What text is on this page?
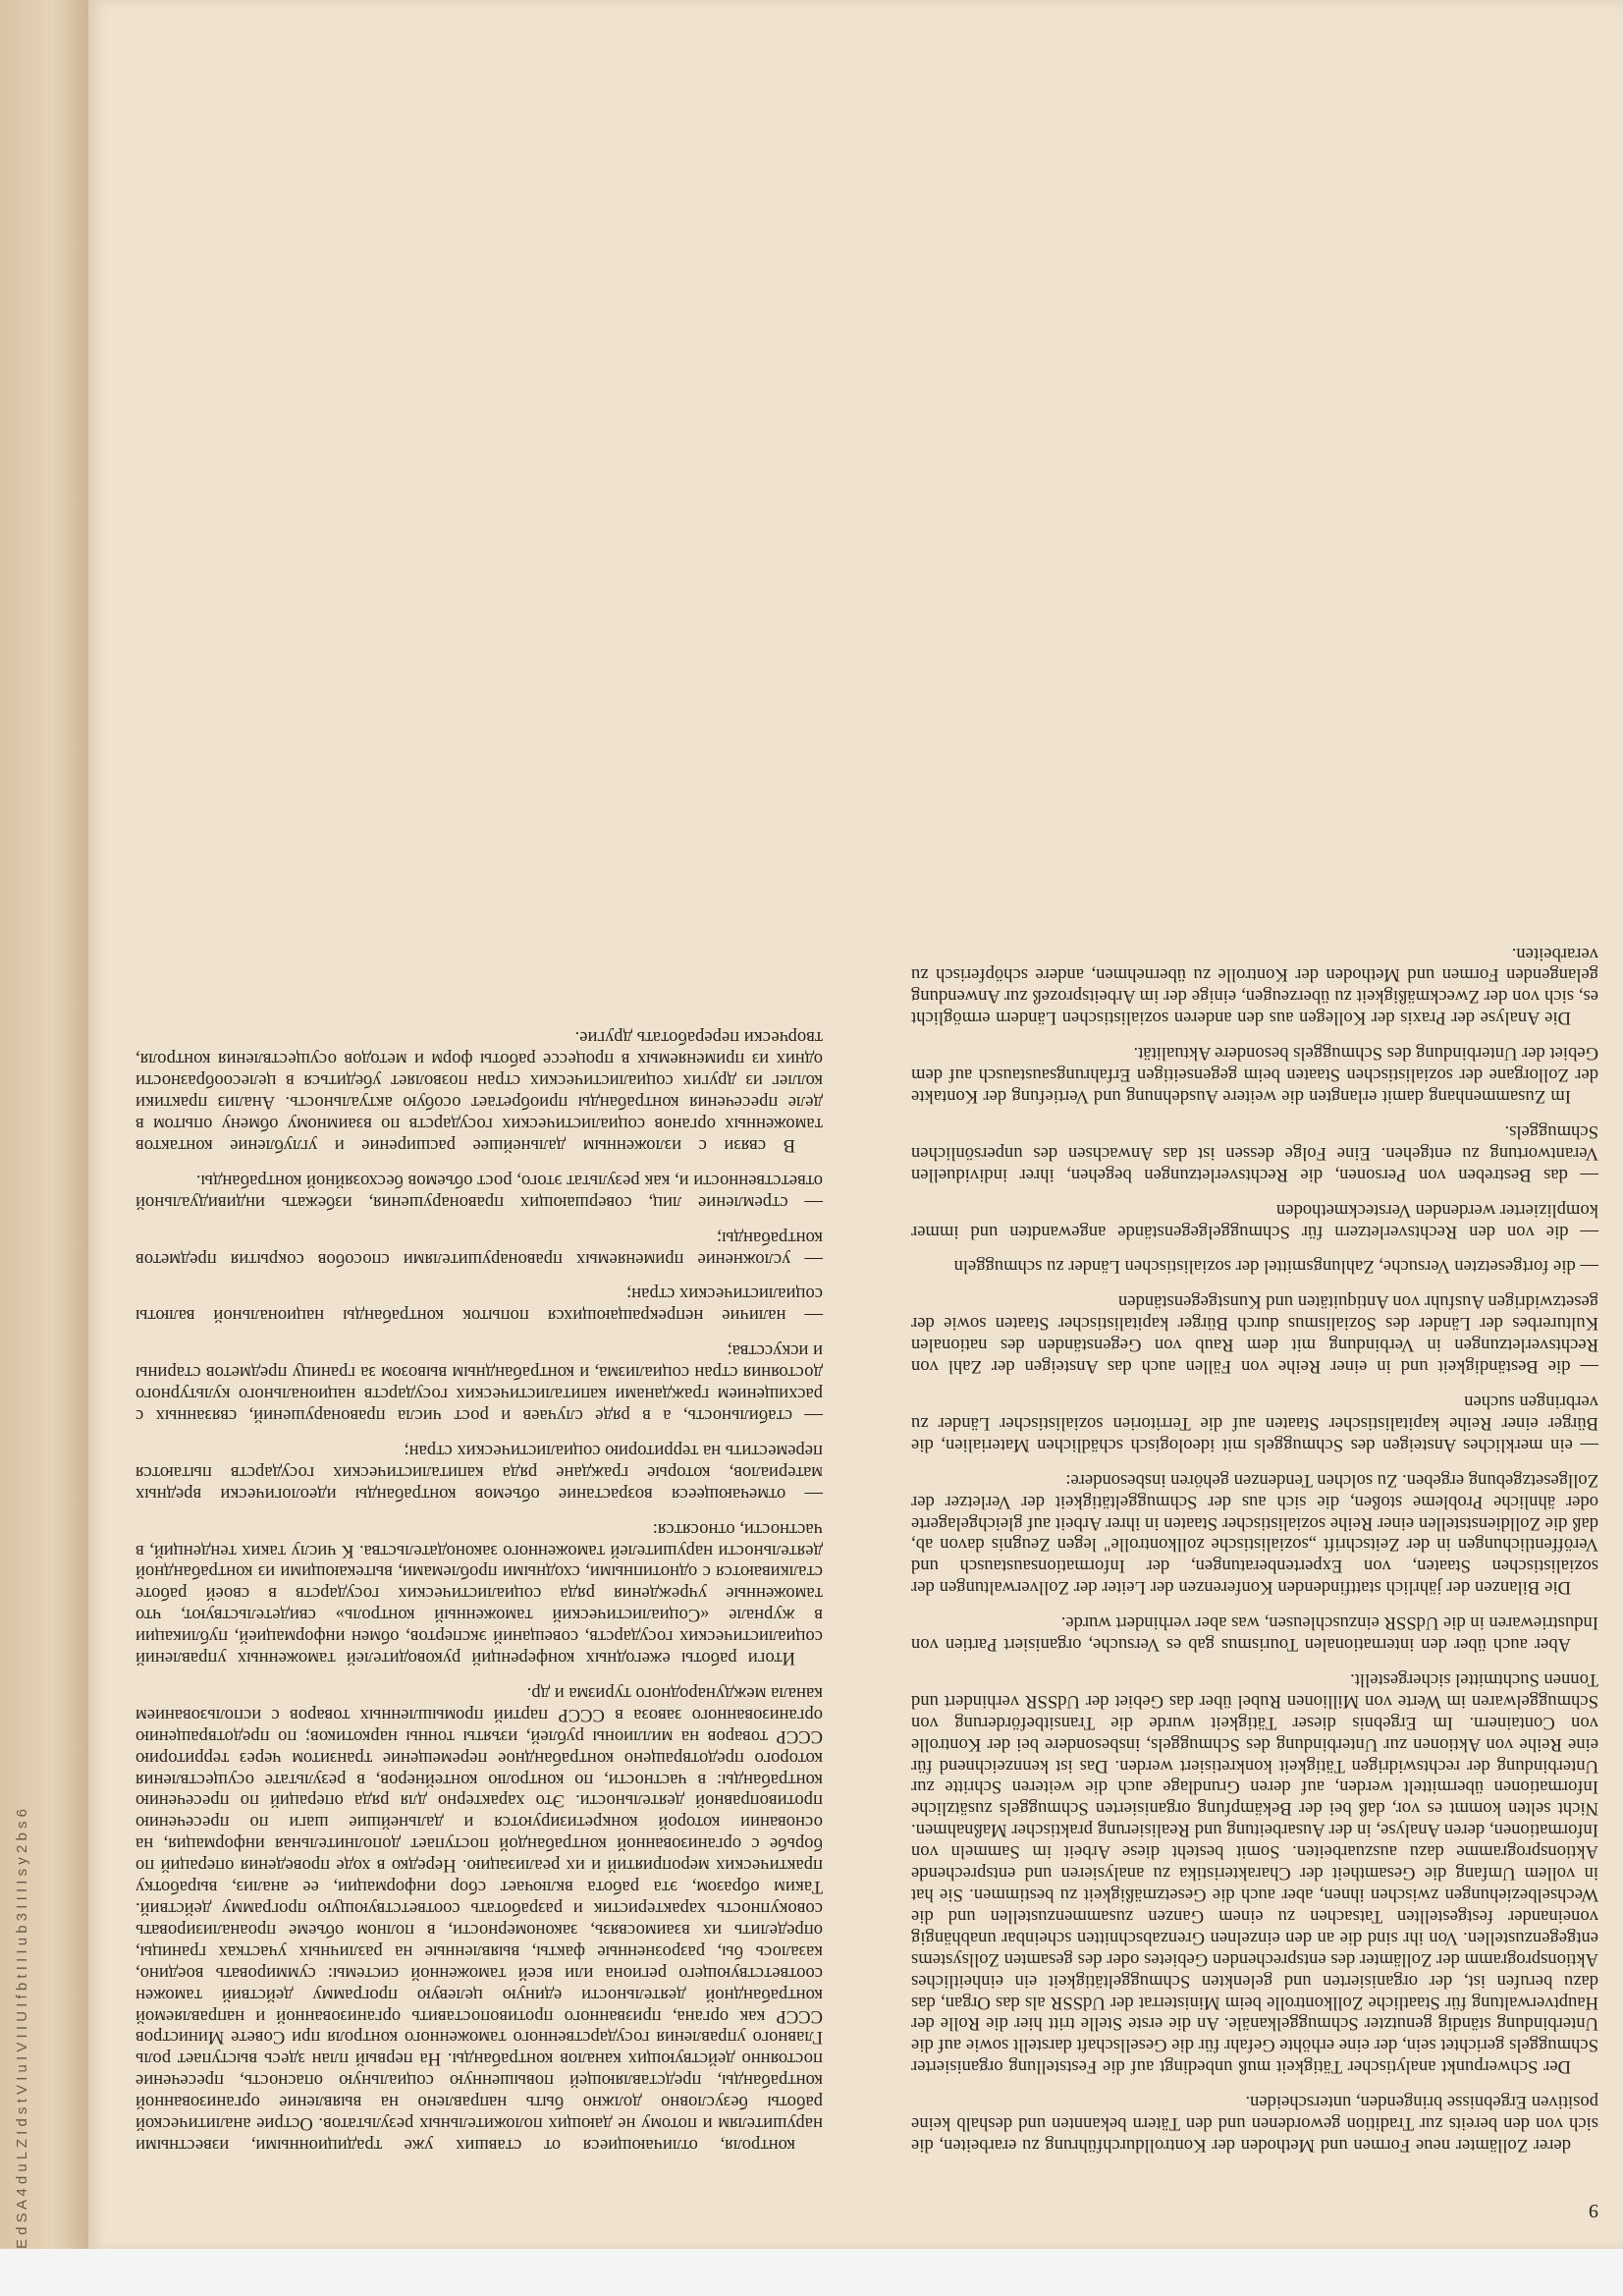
E d S A 4 d u L Z I d s t V I u I V I I U I f b t I I I u b 3 I I I I s y 2 b s 6	9

derer Zollämter neue Formen und Methoden der Kontrolldurchführung zu erarbeiten, die sich von den bereits zur Tradition gewordenen und den Tätern bekannten und deshalb keine positiven Ergebnisse bringenden, unterscheiden.

Der Schwerpunkt analytischer Tätigkeit muß unbedingt auf die Feststellung organisierter Schmuggels gerichtet sein, der eine erhöhte Gefahr für die Gesellschaft darstellt sowie auf die Unterbindung ständig genutzter Schmuggelkanäle. An die erste Stelle tritt hier die Rolle der Hauptverwaltung für Staatliche Zollkontrolle beim Ministerrat der UdSSR als das Organ, das dazu berufen ist, der organisierten und gelenkten Schmuggeltätigkeit ein einheitliches Aktionsprogramm der Zollämter des entsprechenden Gebietes oder des gesamten Zollsystems entgegenzustellen. Von ihr sind die an den einzelnen Grenzabschnitten scheinbar unabhängig voneinander festgestellten Tatsachen zu einem Ganzen zusammenzustellen und die Wechselbeziehungen zwischen ihnen, aber auch die Gesetzmäßigkeit zu bestimmen. Sie hat in vollem Umfang die Gesamtheit der Charakteristika zu analysieren und entsprechende Aktionsprogramme dazu auszuarbeiten. Somit besteht diese Arbeit im Sammeln von Informationen, deren Analyse, in der Ausarbeitung und Realisierung praktischer Maßnahmen. Nicht selten kommt es vor, daß bei der Bekämpfung organisierten Schmuggels zusätzliche Informationen übermittelt werden, auf deren Grundlage auch die weiteren Schritte zur Unterbindung der rechtswidrigen Tätigkeit konkretisiert werden. Das ist kennzeichnend für eine Reihe von Aktionen zur Unterbindung des Schmuggels, insbesondere bei der Kontrolle von Containern. Im Ergebnis dieser Tätigkeit wurde die Transitbeförderung von Schmuggelwaren im Werte von Millionen Rubel über das Gebiet der UdSSR verhindert und Tonnen Suchtmittel sichergestellt.

Aber auch über den internationalen Tourismus gab es Versuche, organisiert Partien von Industriewaren in die UdSSR einzuschleusen, was aber verhindert wurde.

Die Bilanzen der jährlich stattfindenden Konferenzen der Leiter der Zollverwaltungen der sozialistischen Staaten, von Expertenberatungen, der Informationsaustausch und Veröffentlichungen in der Zeitschrift „sozialistische zollkontrolle" legen Zeugnis davon ab, daß die Zolldienststellen einer Reihe sozialistischer Staaten in ihrer Arbeit auf gleichgelagerte oder ähnliche Probleme stoßen, die sich aus der Schmuggeltätigkeit der Verletzer der Zollgesetzgebung ergeben. Zu solchen Tendenzen gehören insbesondere:

— ein merkliches Ansteigen des Schmuggels mit ideologisch schädlichen Materialien, die Bürger einer Reihe kapitalistischer Staaten auf die Territorien sozialistischer Länder zu verbringen suchen

— die Beständigkeit und in einer Reihe von Fällen auch das Ansteigen der Zahl von Rechtsverletzungen in Verbindung mit dem Raub von Gegenständen des nationalen Kulturerbes der Länder des Sozialismus durch Bürger kapitalistischer Staaten sowie der gesetzwidrigen Ausfuhr von Antiquitäten und Kunstgegenständen

— die fortgesetzten Versuche, Zahlungsmittel der sozialistischen Länder zu schmuggeln

— die von den Rechtsverletzern für Schmuggelgegenstände angewandten und immer komplizierter werdenden Versteckmethoden

— das Bestreben von Personen, die Rechtsverletzungen begehen, ihrer individuellen Verantwortung zu entgehen. Eine Folge dessen ist das Anwachsen des unpersönlichen Schmuggels.

Im Zusammenhang damit erlangten die weitere Ausdehnung und Vertiefung der Kontakte der Zollorgane der sozialistischen Staaten beim gegenseitigen Erfahrungsaustausch auf dem Gebiet der Unterbindung des Schmuggels besondere Aktualität.

Die Analyse der Praxis der Kollegen aus den anderen sozialistischen Ländern ermöglicht es, sich von der Zweckmäßigkeit zu überzeugen, einige der im Arbeitsprozeß zur Anwendung gelangenden Formen und Methoden der Kontrolle zu übernehmen, andere schöpferisch zu verarbeiten.

контроля, отличающиеся от ставших уже традиционными, известными нарушителям и потому не дающих положительных результатов. Острие аналитической работы безусловно должно быть направлено на выявление организованной контрабанды, представляющей повышенную социальную опасность, пресечение постоянно действующих каналов контрабанды. На первый план здесь выступает роль Главного управления государственного таможенного контроля при Совете Министров СССР как органа, призванного противопоставить организованной и направляемой контрабандной деятельности единую целевую программу действий таможен соответствующего региона или всей таможенной системы: суммировать воедино, казалось бы, разрозненные факты, выявленные на различных участках границы, определить их взаимосвязь, закономерности, в полном объеме проанализировать совокупность характеристик и разработать соответствующую программу действий. Таким образом, эта работа включает сбор информации, ее анализ, выработку практических мероприятий и их реализацию. Нередко в ходе проведения операций по борьбе с организованной контрабандой поступает дополнительная информация, на основании которой конкретизируются и дальнейшие шаги по пресечению противоправной деятельности. Это характерно для ряда операций по пресечению контрабанды: в частности, по контролю контейнеров, в результате осуществления которого предотвращено контрабандное перемещение транзитом через территорию СССР товаров на миллионы рублей, изъяты тонны наркотиков; по предотвращению организованного завоза в СССР партий промышленных товаров с использованием канала международного туризма и др.

Итоги работы ежегодных конференций руководителей таможенных управлений социалистических государств, совещаний экспертов, обмен информацией, публикации в журнале «Социалистический таможенный контроль» свидетельствуют, что таможенные учреждения ряда социалистических государств в своей работе сталкиваются с однотипными, сходными проблемами, вытекающими из контрабандной деятельности нарушителей таможенного законодательства. К числу таких тенденций, в частности, относятся:

— отмечающееся возрастание объемов контрабанды идеологически вредных материалов, которые граждане ряда капиталистических государств пытаются переместить на территорию социалистических стран;

— стабильность, а в ряде случаев и рост числа правонарушений, связанных с расхищением гражданами капиталистических государств национального культурного достояния стран социализма, и контрабандным вывозом за границу предметов старины и искусства;

— наличие непрекращающихся попыток контрабанды национальной валюты социалистических стран;

— усложнение применяемых правонарушителями способов сокрытия предметов контрабанды;

— стремление лиц, совершающих правонарушения, избежать индивидуальной ответственности и, как результат этого, рост объемов бесхозяйной контрабанды.

В связи с изложенным дальнейшее расширение и углубление контактов таможенных органов социалистических государств по взаимному обмену опытом в деле пресечения контрабанды приобретает особую актуальность. Анализ практики коллег из других социалистических стран позволяет убедиться в целесообразности одних из применяемых в процессе работы форм и методов осуществления контроля, творчески переработать другие.
